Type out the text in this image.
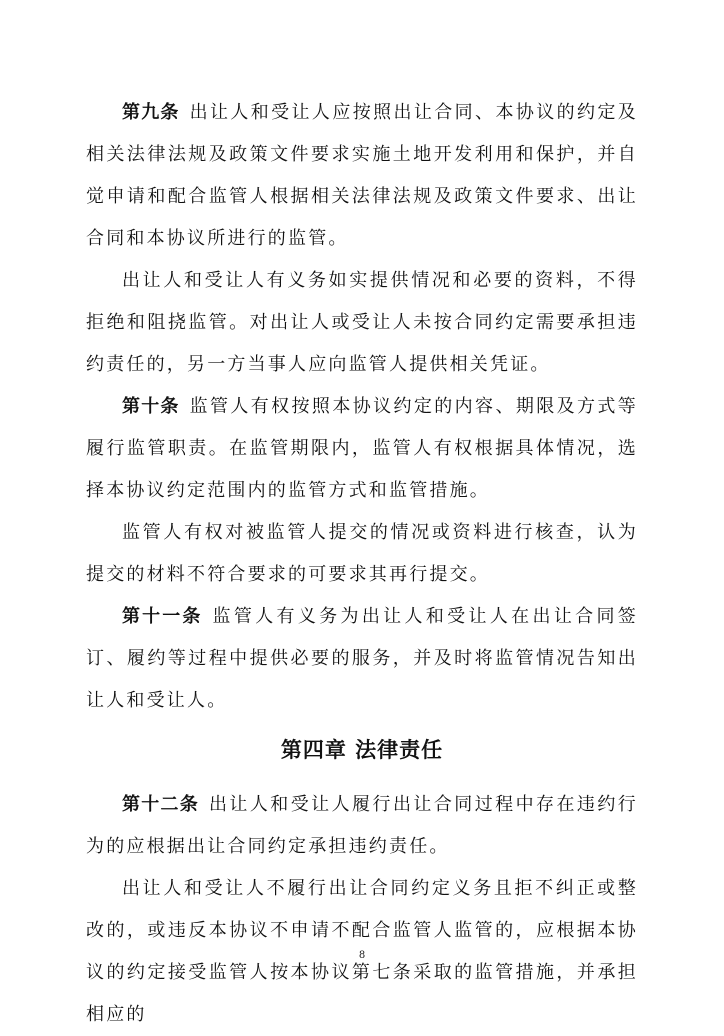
第九条 出让人和受让人应按照出让合同、本协议的约定及相关法律法规及政策文件要求实施土地开发利用和保护，并自觉申请和配合监管人根据相关法律法规及政策文件要求、出让合同和本协议所进行的监管。

出让人和受让人有义务如实提供情况和必要的资料，不得拒绝和阻挠监管。对出让人或受让人未按合同约定需要承担违约责任的，另一方当事人应向监管人提供相关凭证。

第十条 监管人有权按照本协议约定的内容、期限及方式等履行监管职责。在监管期限内，监管人有权根据具体情况，选择本协议约定范围内的监管方式和监管措施。

监管人有权对被监管人提交的情况或资料进行核查，认为提交的材料不符合要求的可要求其再行提交。

第十一条 监管人有义务为出让人和受让人在出让合同签订、履约等过程中提供必要的服务，并及时将监管情况告知出让人和受让人。

第四章 法律责任

第十二条 出让人和受让人履行出让合同过程中存在违约行为的应根据出让合同约定承担违约责任。

出让人和受让人不履行出让合同约定义务且拒不纠正或整改的，或违反本协议不申请不配合监管人监管的，应根据本协议的约定接受监管人按本协议第七条采取的监管措施，并承担相应的

8
